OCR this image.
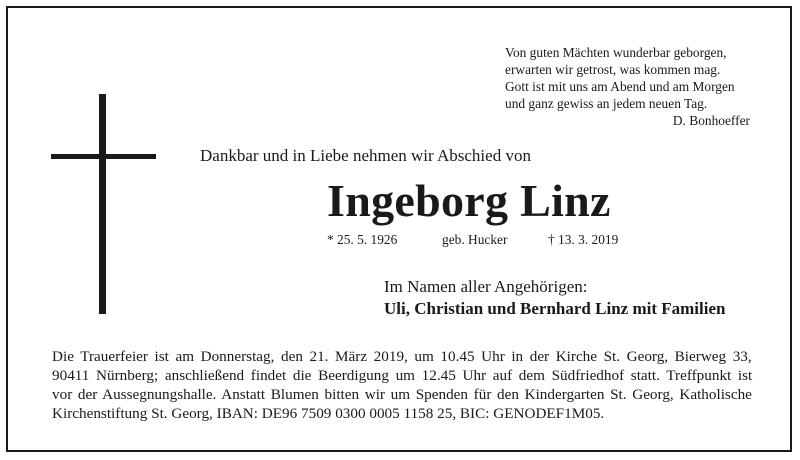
Von guten Mächten wunderbar geborgen,
erwarten wir getrost, was kommen mag.
Gott ist mit uns am Abend und am Morgen
und ganz gewiss an jedem neuen Tag.
D. Bonhoeffer
Dankbar und in Liebe nehmen wir Abschied von
Ingeborg Linz
* 25. 5. 1926	geb. Hucker	† 13. 3. 2019
Im Namen aller Angehörigen:
Uli, Christian und Bernhard Linz mit Familien
Die Trauerfeier ist am Donnerstag, den 21. März 2019, um 10.45 Uhr in der Kirche St. Georg, Bierweg 33,
90411 Nürnberg; anschließend findet die Beerdigung um 12.45 Uhr auf dem Südfriedhof statt. Treffpunkt ist
vor der Aussegnungshalle. Anstatt Blumen bitten wir um Spenden für den Kindergarten St. Georg, Katholische
Kirchenstiftung St. Georg, IBAN: DE96 7509 0300 0005 1158 25, BIC: GENODEF1M05.
